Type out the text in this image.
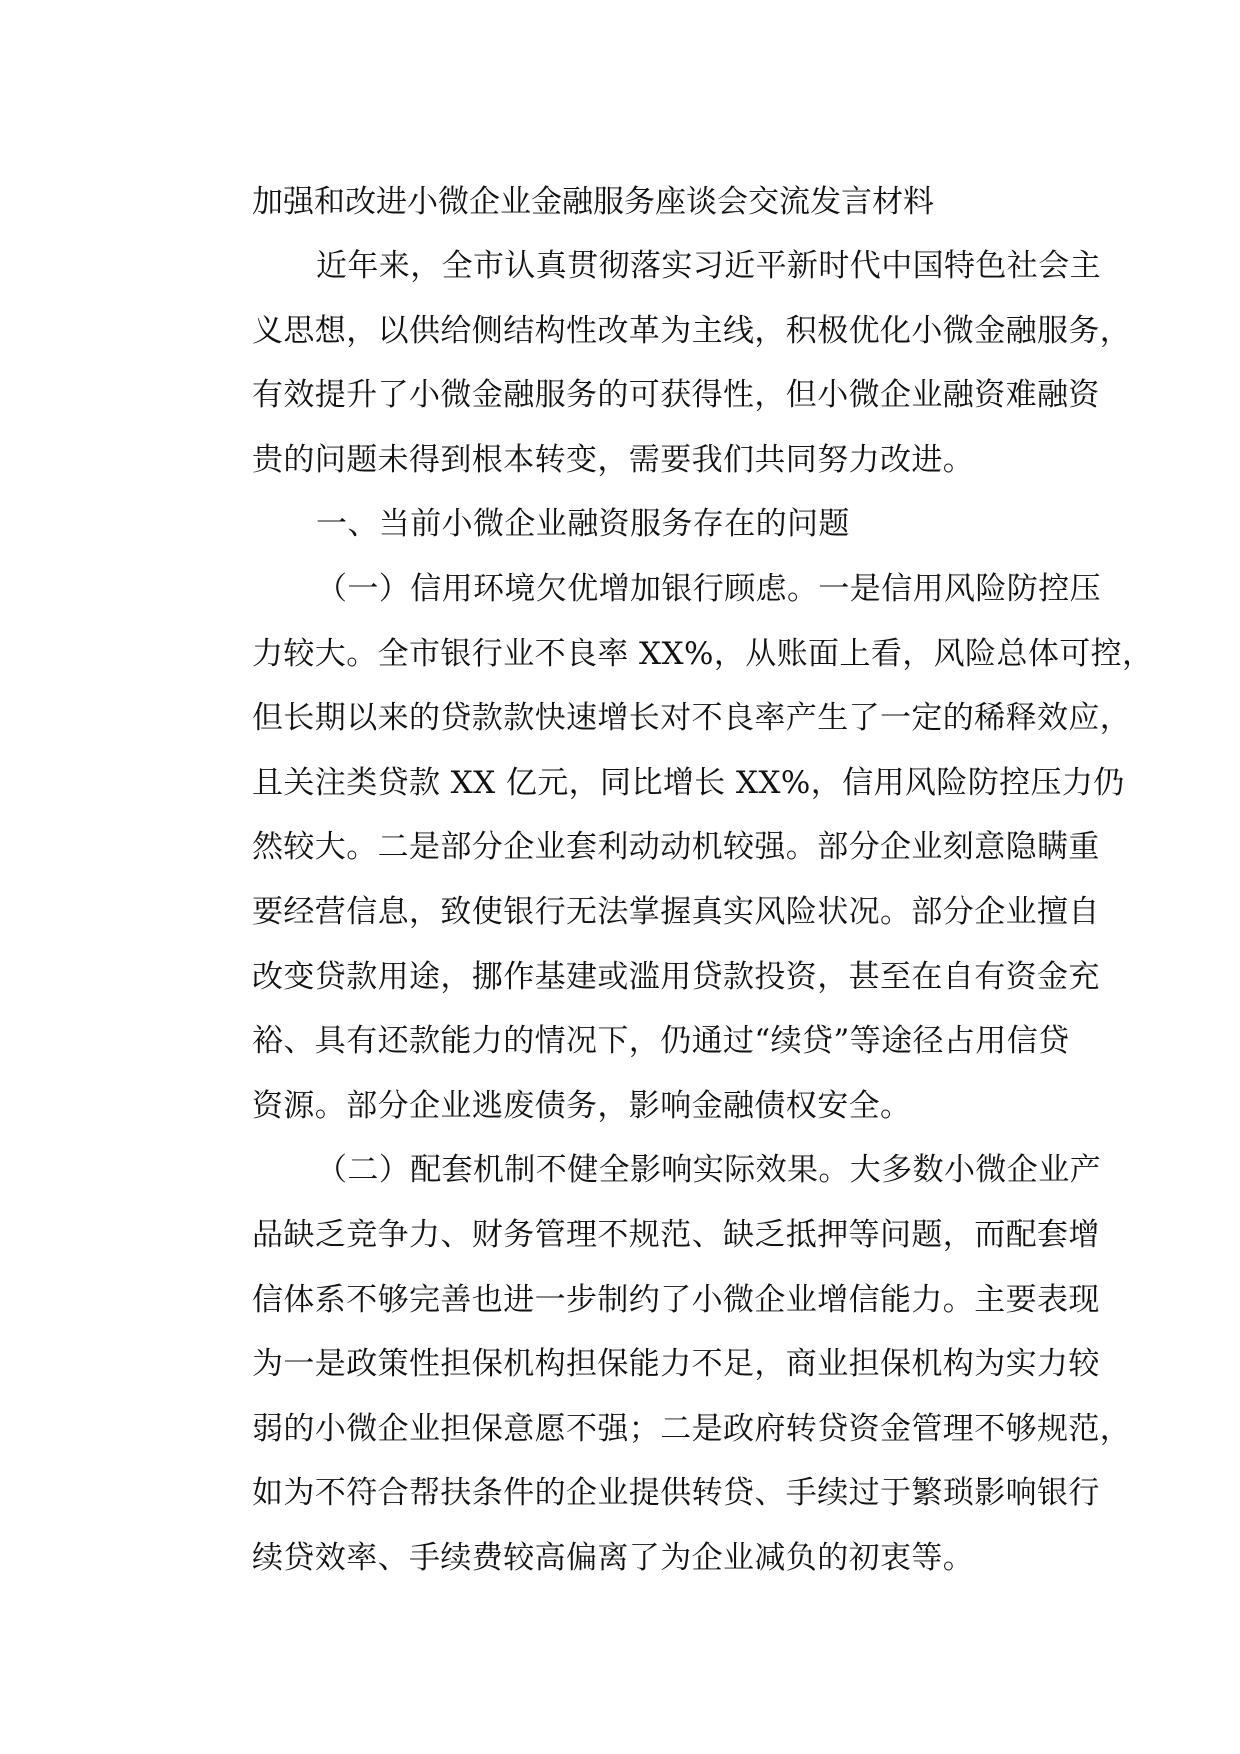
加强和改进小微企业金融服务座谈会交流发言材料
近年来，全市认真贯彻落实习近平新时代中国特色社会主
义思想，以供给侧结构性改革为主线，积极优化小微金融服务，
有效提升了小微金融服务的可获得性，但小微企业融资难融资
贵的问题未得到根本转变，需要我们共同努力改进。
一、当前小微企业融资服务存在的问题
（一）信用环境欠优增加银行顾虑。一是信用风险防控压
力较大。全市银行业不良率 XX%，从账面上看，风险总体可控，
但长期以来的贷款款快速增长对不良率产生了一定的稀释效应，
且关注类贷款 XX 亿元，同比增长 XX%，信用风险防控压力仍
然较大。二是部分企业套利动动机较强。部分企业刻意隐瞒重
要经营信息，致使银行无法掌握真实风险状况。部分企业擅自
改变贷款用途，挪作基建或滥用贷款投资，甚至在自有资金充
裕、具有还款能力的情况下，仍通过“续贷”等途径占用信贷
资源。部分企业逃废债务，影响金融债权安全。
（二）配套机制不健全影响实际效果。大多数小微企业产
品缺乏竞争力、财务管理不规范、缺乏抵押等问题，而配套增
信体系不够完善也进一步制约了小微企业增信能力。主要表现
为一是政策性担保机构担保能力不足，商业担保机构为实力较
弱的小微企业担保意愿不强；二是政府转贷资金管理不够规范，
如为不符合帮扶条件的企业提供转贷、手续过于繁琐影响银行
续贷效率、手续费较高偏离了为企业减负的初衷等。
